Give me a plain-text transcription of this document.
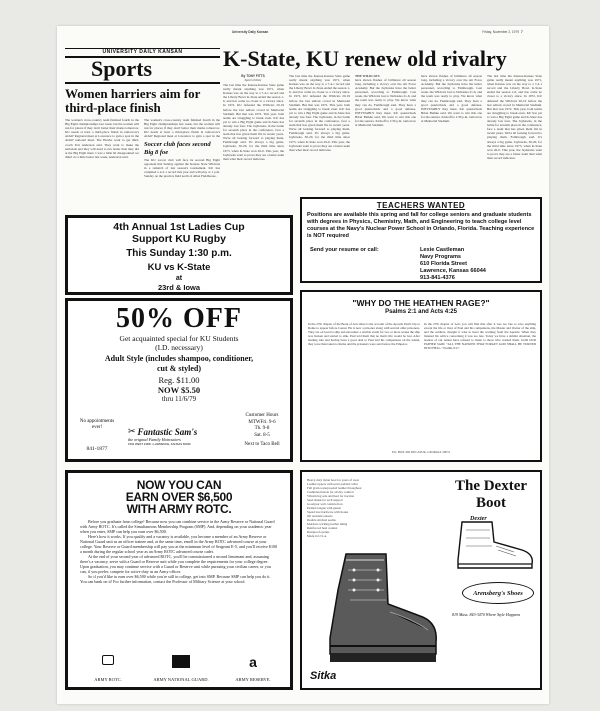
University Daily Kansan	Friday, November 2, 1979 7
UNIVERSITY DAILY KANSAN
Sports	K-State, KU renew old rivalry
Women harriers aim for third-place finish
The women's cross-country team finished fourth in the Big Eight championships last week, but the women will run for places if they don't better their marks tomorrow. KU needs at least a third-place finish in tomorrow's AIAW Regional meet at Lawrence to gain a spot in the AIAW national meet. The Hawks want to get third, coach Teri Anderson said. They want to make the nationals and they will need to run better than they did at the Big Eight meet. I was a little bit disappointed we didn't do a little better last week, Anderson said.
The women's cross-country team finished fourth in the Big Eight championships last week, but the women will run for places if they don't better their marks tomorrow. KU needs at least a third-place finish in tomorrow's AIAW Regional meet at Lawrence to gain a spot in the
Soccer club faces second Big 8 foe
The KU soccer club will face its second Big Eight opponent this Sunday against the Kansas State Wildcats in a rematch of last season's tournament. KU has compiled a 4-2-1 record this year and will play at 1 p.m. Sunday on the practice field north of Allen Fieldhouse.
By TONY FITTS
Sports Editor
The last time the Kansas-Kansas State game really meant anything was 1971, when Kansas was on the way to a 7-4-1 record and the Liberty Bowl. K-State ended the season 1-6, and has come no closer to a victory since. In 1972, KU defeated the Wildcats 20-19 before the last sellout crowd in Memorial Stadium. But that was 1972. This year, both teams are struggling to break even. KU has yet to win a Big Eight game and K-State has already lost four. The Jayhawks, in the battle for seventh place in the conference, face a team that has given them fits in recent years. We're all looking forward to playing them, Fambrough said. It's always a big game. Jayhawks, 30-20, for the third time since 1975, when K-State won 26-0. This year, the Jayhawks want to prove they are a better team than what their record indicates.
The last time the Kansas-Kansas State game really meant anything was 1971, when Kansas was on the way to a 7-4-1 record and the Liberty Bowl. K-State ended the season 1-6, and has come no closer to a victory since. In 1972, KU defeated the Wildcats 20-19 before the last sellout crowd in Memorial Stadium. But that was 1972. This year, both teams are struggling to break even. KU has yet to win a Big Eight game and K-State has already lost four. The Jayhawks, in the battle for seventh place in the conference, face a team that has given them fits in recent years. We're all looking forward to playing them, Fambrough said. It's always a big game. Jayhawks, 30-20, for the third time since 1975, when K-State won 26-0. This year, the Jayhawks want to prove they are a better team than what their record indicates.
THE WILDCATS
have shown flashes of brilliance all season long, including a victory over the Air Force Academy. But the Jayhawks have the better personnel, according to Fambrough. Last week, the Wildcats lost to Nebraska 21-6, and the team was ready to play. We know what they can do, Fambrough said. They have a good quarterback and a good defense. INEVITABLY they meet. KU quarterback Brian Bethke said, We want to win this one for the seniors. Kickoff is 1:30 p.m. tomorrow at Memorial Stadium.
have shown flashes of brilliance all season long, including a victory over the Air Force Academy. But the Jayhawks have the better personnel, according to Fambrough. Last week, the Wildcats lost to Nebraska 21-6, and the team was ready to play. We know what they can do, Fambrough said. They have a good quarterback and a good defense. INEVITABLY they meet. KU quarterback Brian Bethke said, We want to win this one for the seniors. Kickoff is 1:30 p.m. tomorrow at Memorial Stadium.
The last time the Kansas-Kansas State game really meant anything was 1971, when Kansas was on the way to a 7-4-1 record and the Liberty Bowl. K-State ended the season 1-6, and has come no closer to a victory since. In 1972, KU defeated the Wildcats 20-19 before the last sellout crowd in Memorial Stadium. But that was 1972. This year, both teams are struggling to break even. KU has yet to win a Big Eight game and K-State has already lost four. The Jayhawks, in the battle for seventh place in the conference, face a team that has given them fits in recent years. We're all looking forward to playing them, Fambrough said. It's always a big game. Jayhawks, 30-20, for the third time since 1975, when K-State won 26-0. This year, the Jayhawks want to prove they are a better team than what their record indicates.
4th Annual 1st Ladies Cup
Support KU Rugby
This Sunday 1:30 p.m.
KU vs K-State
at
23rd & Iowa
Paid for by Student Activity Fee
50% OFF
Get acquainted special for KU Students
(I.D. necessary)
Adult Style (includes shampoo, conditioner,
cut & styled)
Reg. $11.00
NOW $5.50
thru 11/6/79
No appointments
ever!
841-1877
✂ Fantastic Sam's
the original Family Haircutters
1502 WEST 23RD • LAWRENCE, KANSAS 66046
Customer Hours
MTWFri. 9-6
Th. 9-8
Sat. 8-5
Next to Taco Bell
NOW YOU CAN
EARN OVER $6,500
WITH ARMY ROTC.

Before you graduate from college! Because now you can combine service in the Army Reserve or National Guard with Army ROTC. It's called the Simultaneous Membership Program (SMP). And, depending on your academic year when you enter, SMP can help you earn over $6,500.

Here's how it works. If you qualify and a vacancy is available, you become a member of an Army Reserve or National Guard unit as an officer trainee and, at the same time, enroll in the Army ROTC advanced course at your college. Your Reserve or Guard membership will pay you at the minimum level of Sergeant E-5, and you'll receive $100 a month during the regular school year as an Army ROTC advanced course cadet.

At the end of your second year of advanced ROTC, you'll be commissioned a second lieutenant and, assuming there's a vacancy, serve with a Guard or Reserve unit while you complete the requirements for your college degree. Upon graduation, you may continue service with a Guard or Reserve unit while pursuing your civilian career, or you can, if you prefer, compete for active duty as an Army officer.

So if you'd like to earn over $6,500 while you're still in college, get into SMP. Because SMP can help you do it. You can bank on it! For further information, contact the Professor of Military Science at your school.

ARMY ROTC.	ARMY NATIONAL GUARD.
a
ARMY RESERVE.
TEACHERS WANTED
Positions are available this spring and fall for college seniors and graduate students with degrees in Physics, Chemistry, Math, and Engineering to teach college level courses at the Navy's Nuclear Power School in Orlando, Florida. Teaching experience is NOT required
Send your resume or call:	Lexie Castleman
Navy Programs
610 Florida Street
Lawrence, Kansas 66044
913-841-4376
"WHY DO THE HEATHEN RAGE?"
Psalms 2:1 and Acts 4:25
In the 27th chapter of the Book of Acts there is the account of the Apostle Paul's trip to Rome to appear before Caesar. He is now a prisoner along with several other prisoners. They are on board a ship and encounter a terrible storm for two or more weeks the ship was broken and started to sink. Paul told them that no man's life would be lost. After landing safe and having been a good deal to Paul and his companions on the island, they were then taken to Rome and the prisoners were sent before the Emperor.
In the 27th chapter of Acts you will find that after it was too late to save anything except the life or lives of Paul and his companions, the Master and Owner of the ship, and the soldiers, thought it wise to heed the warning from the Apostle. When they listened his advice concerning it was too late. Today we have a similar situation, the leaders of our nation have refused to listen to those who warned them. GOD OUR FATHER SAID: "ALL THE NATIONS THAT FORGET GOD SHALL BE TURNED INTO HELL." Psalms 9:17.
P.O. BOX 460 DECATUR, GEORGIA 30031
Heavy-duty nylon boot for years of wear
Leather uppers with sewn padded collar
Full grain waterproofed leather throughout
Cushioned insole for all day comfort
Vibram lug sole and heel for traction
Steel shank for arch support
Goodyear welt construction
Padded tongue with gusset
Speed lace hardware with hooks
Oil resistant outsole
Double stitched seams
Moisture wicking leather lining
Reinforced heel counter
Rustproof eyelets
Made in U.S.A.
The Dexter
Boot
Dexter
Arensberg's Shoes
819 Mass. 843-3470 Where Style Happens
Sitka
